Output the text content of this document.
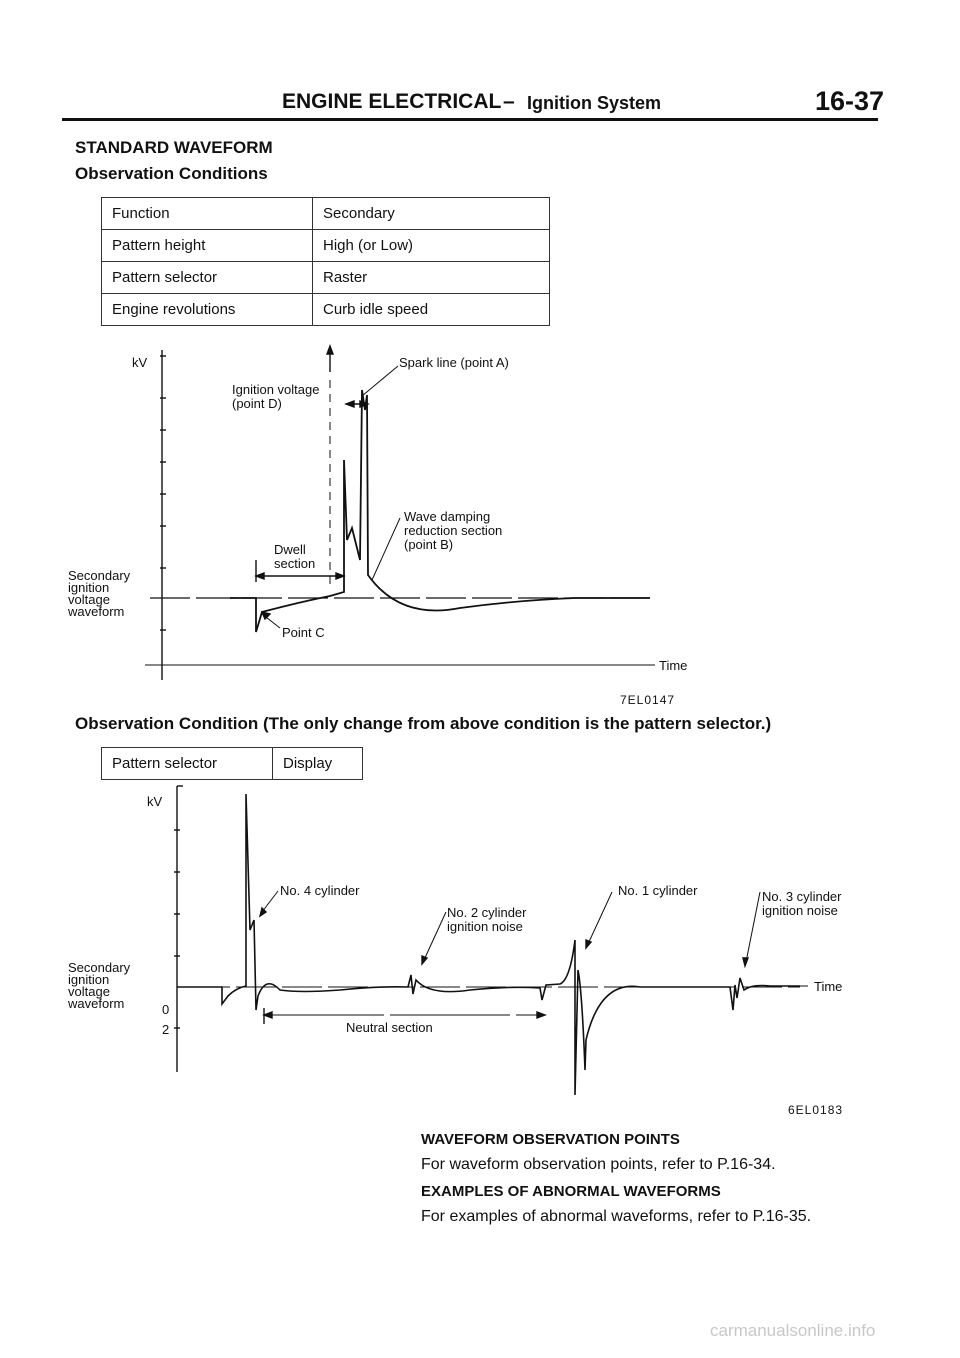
ENGINE ELECTRICAL – Ignition System	16-37
STANDARD WAVEFORM
Observation Conditions
Function	Secondary
Pattern height	High (or Low)
Pattern selector	Raster
Engine revolutions	Curb idle speed
kV	Spark line (point A)
Ignition voltage
(point D)
Wave damping
reduction section
(point B)
Dwell
section
Secondary
ignition
voltage
waveform
Point C
Time
7EL0147
Observation Condition (The only change from above condition is the pattern selector.)
Pattern selector	Display
kV
No. 4 cylinder
No. 2 cylinder
ignition noise
No. 1 cylinder	No. 3 cylinder
ignition noise
Secondary
ignition
voltage
waveform	0
2
Time
Neutral section
6EL0183
WAVEFORM OBSERVATION POINTS
For waveform observation points, refer to P.16-34.
EXAMPLES OF ABNORMAL WAVEFORMS
For examples of abnormal waveforms, refer to P.16-35.
carmanualsonline.info
